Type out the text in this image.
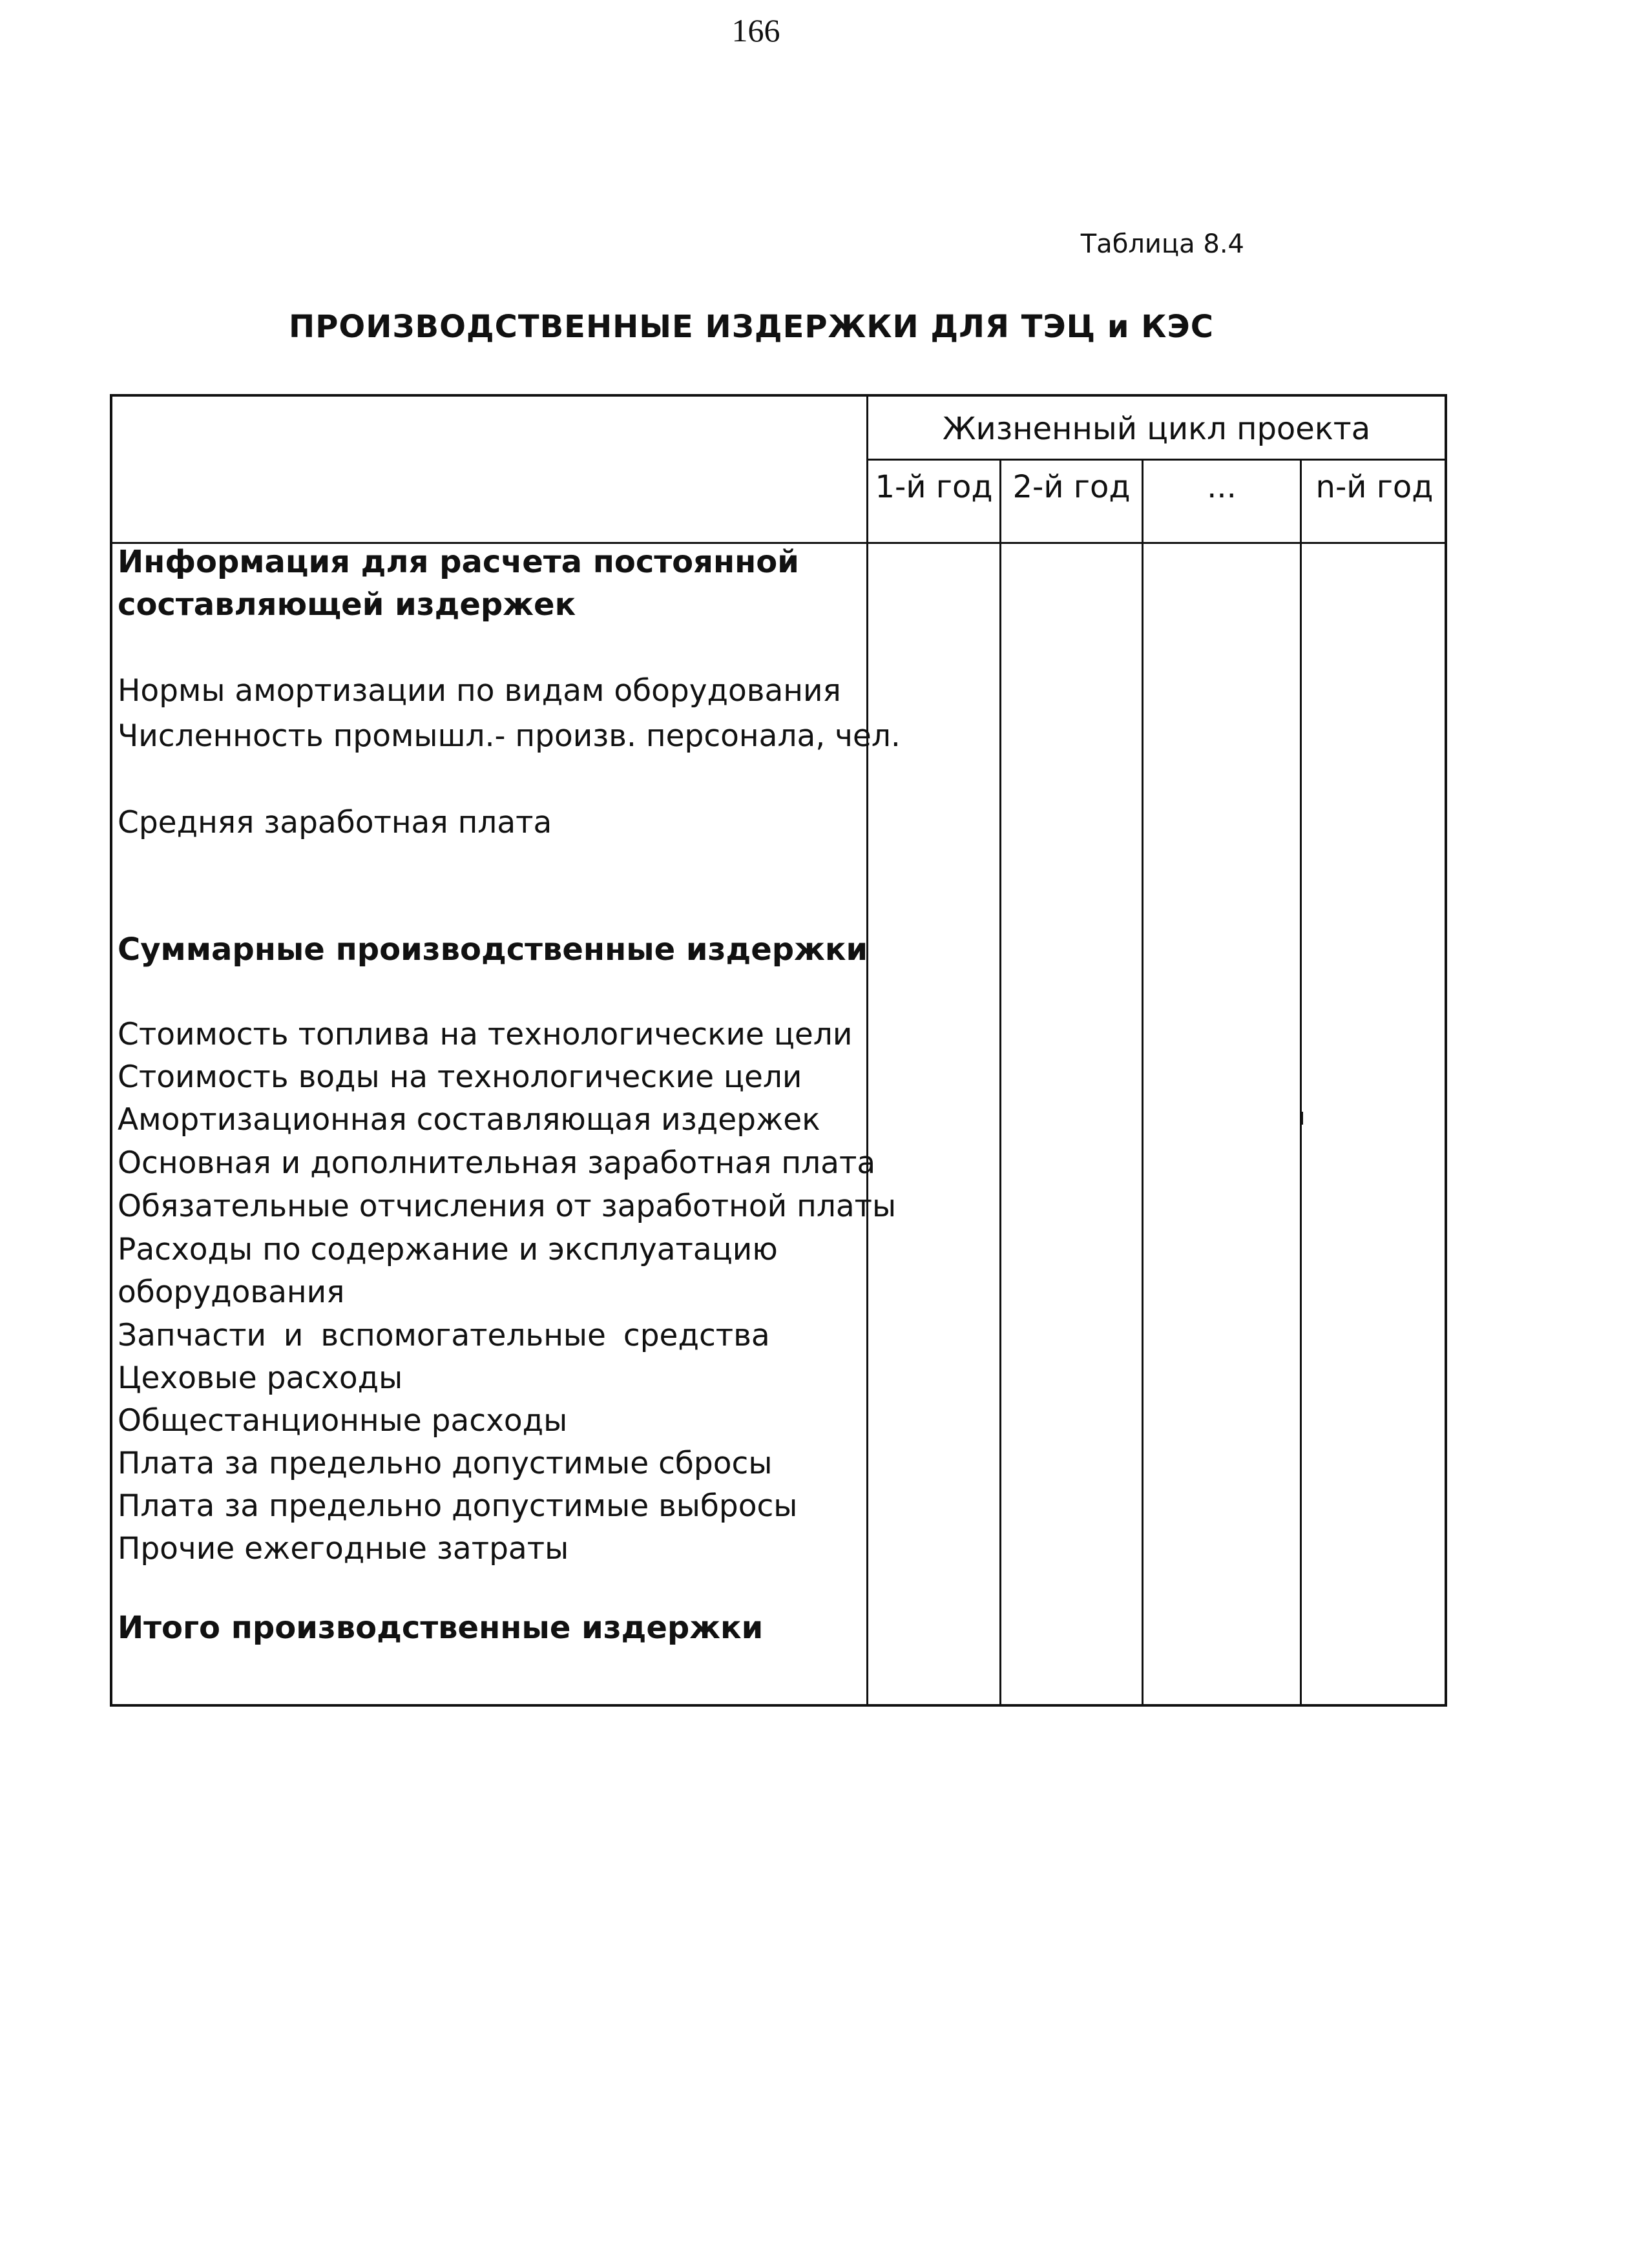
166
Таблица 8.4
ПРОИЗВОДСТВЕННЫЕ ИЗДЕРЖКИ ДЛЯ ТЭЦ и КЭС
Жизненный цикл проекта
1-й год 2-й год	...	n-й год
Информация для расчета постоянной
составляющей издержек
Нормы амортизации по видам оборудования
Численность промышл.- произв. персонала, чел.
Средняя заработная плата
Суммарные производственные издержки
Стоимость топлива на технологические цели
Стоимость воды на технологические цели
Амортизационная составляющая издержек
Основная и дополнительная заработная плата
Обязательные отчисления от заработной платы
Расходы по содержание и эксплуатацию
оборудования
Запчасти и вспомогательные средства
Цеховые расходы
Общестанционные расходы
Плата за предельно допустимые сбросы
Плата за предельно допустимые выбросы
Прочие ежегодные затраты
Итого производственные издержки
